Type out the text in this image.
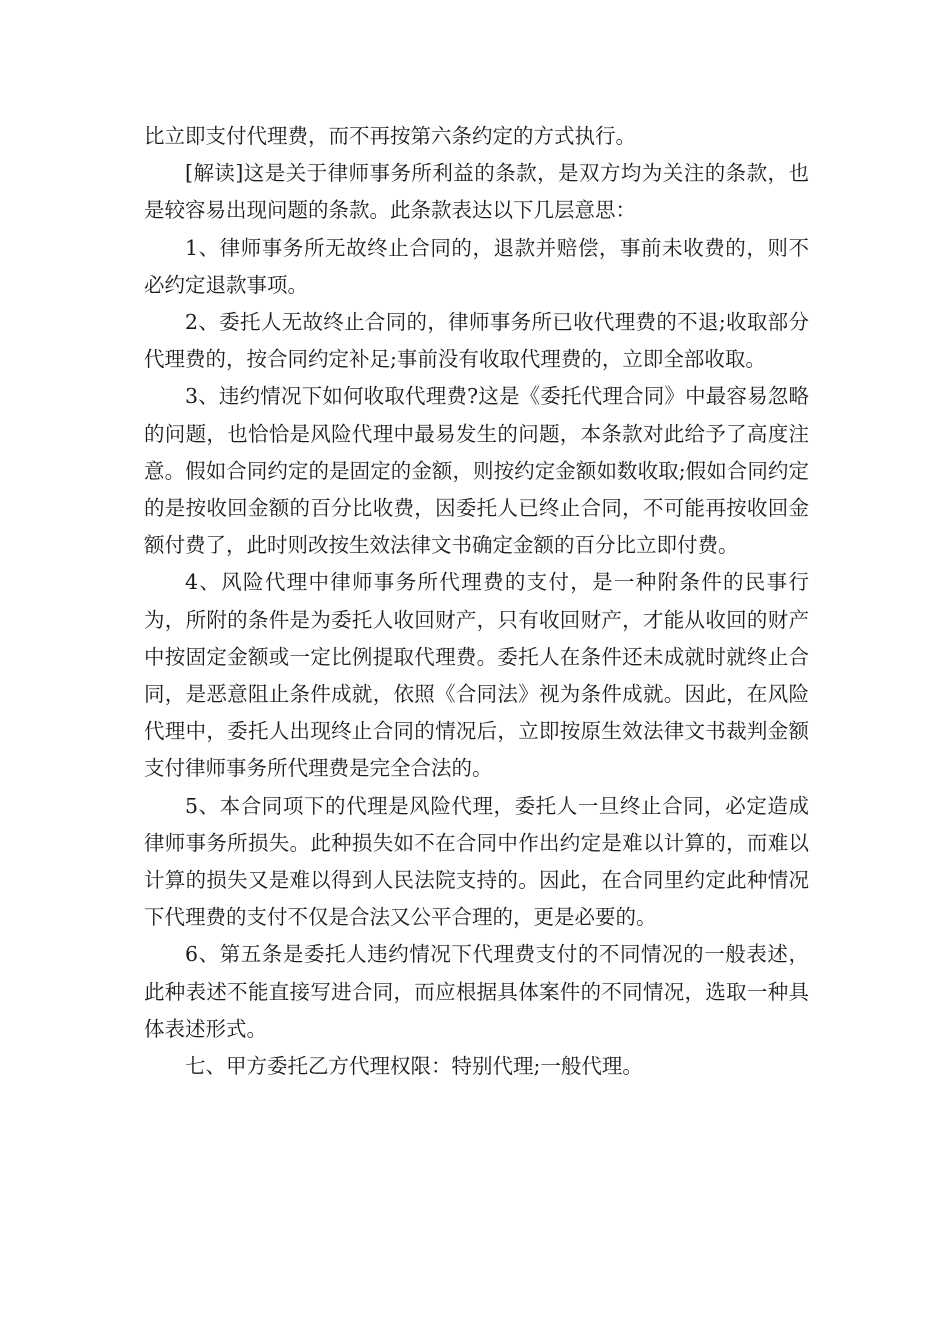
比立即支付代理费，而不再按第六条约定的方式执行。

[解读]这是关于律师事务所利益的条款，是双方均为关注的条款，也是较容易出现问题的条款。此条款表达以下几层意思：

1、律师事务所无故终止合同的，退款并赔偿，事前未收费的，则不必约定退款事项。

2、委托人无故终止合同的，律师事务所已收代理费的不退;收取部分代理费的，按合同约定补足;事前没有收取代理费的，立即全部收取。

3、违约情况下如何收取代理费?这是《委托代理合同》中最容易忽略的问题，也恰恰是风险代理中最易发生的问题，本条款对此给予了高度注意。假如合同约定的是固定的金额，则按约定金额如数收取;假如合同约定的是按收回金额的百分比收费，因委托人已终止合同，不可能再按收回金额付费了，此时则改按生效法律文书确定金额的百分比立即付费。

4、风险代理中律师事务所代理费的支付，是一种附条件的民事行为，所附的条件是为委托人收回财产，只有收回财产，才能从收回的财产中按固定金额或一定比例提取代理费。委托人在条件还未成就时就终止合同，是恶意阻止条件成就，依照《合同法》视为条件成就。因此，在风险代理中，委托人出现终止合同的情况后，立即按原生效法律文书裁判金额支付律师事务所代理费是完全合法的。

5、本合同项下的代理是风险代理，委托人一旦终止合同，必定造成律师事务所损失。此种损失如不在合同中作出约定是难以计算的，而难以计算的损失又是难以得到人民法院支持的。因此，在合同里约定此种情况下代理费的支付不仅是合法又公平合理的，更是必要的。

6、第五条是委托人违约情况下代理费支付的不同情况的一般表述，此种表述不能直接写进合同，而应根据具体案件的不同情况，选取一种具体表述形式。

七、甲方委托乙方代理权限：特别代理;一般代理。
